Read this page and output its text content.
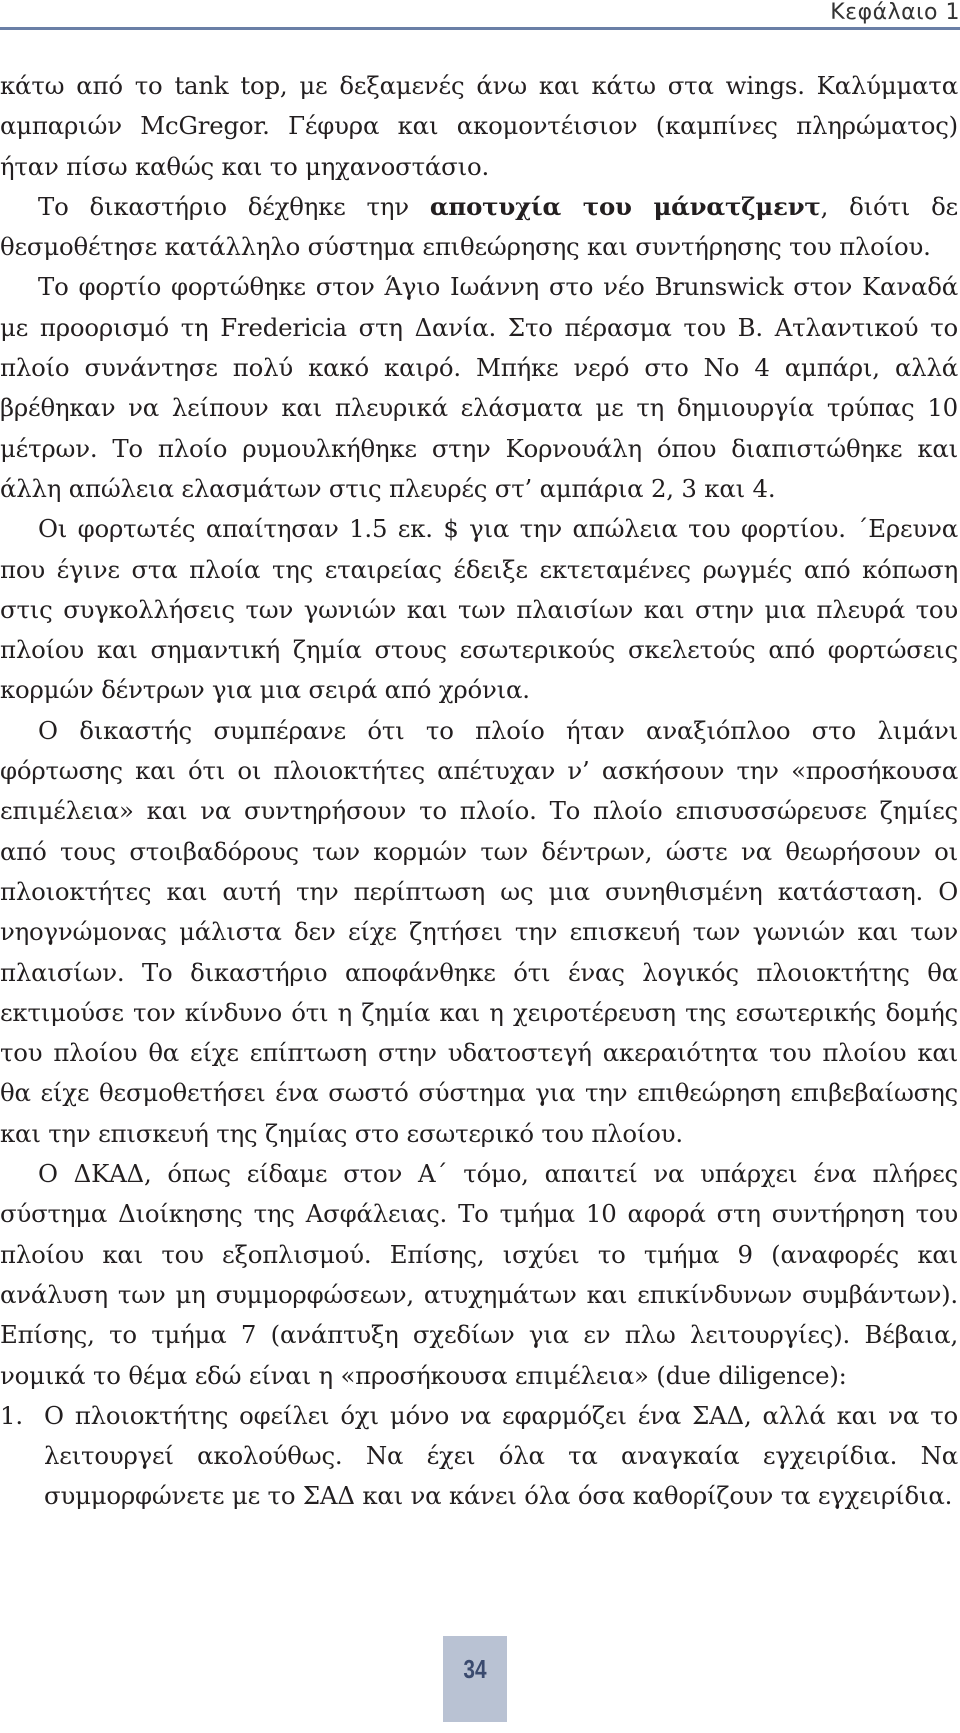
Κεφάλαιο 1

κάτω από το tank top, με δεξαμενές άνω και κάτω στα wings. Καλύμματα αμπαριών McGregor. Γέφυρα και ακομοντέισιον (καμπίνες πληρώματος) ήταν πίσω καθώς και το μηχανοστάσιο.

Το δικαστήριο δέχθηκε την αποτυχία του μάνατζμεντ, διότι δε θεσμοθέτησε κατάλληλο σύστημα επιθεώρησης και συντήρησης του πλοίου.

Το φορτίο φορτώθηκε στον Άγιο Ιωάννη στο νέο Brunswick στον Καναδά με προορισμό τη Fredericia στη Δανία. Στο πέρασμα του Β. Ατλαντικού το πλοίο συνάντησε πολύ κακό καιρό. Μπήκε νερό στο Νο 4 αμπάρι, αλλά βρέθηκαν να λείπουν και πλευρικά ελάσματα με τη δημιουργία τρύπας 10 μέτρων. Το πλοίο ρυμουλκήθηκε στην Κορνουάλη όπου διαπιστώθηκε και άλλη απώλεια ελασμάτων στις πλευρές στ’ αμπάρια 2, 3 και 4.

Οι φορτωτές απαίτησαν 1.5 εκ. $ για την απώλεια του φορτίου. ΄Ερευνα που έγινε στα πλοία της εταιρείας έδειξε εκτεταμένες ρωγμές από κόπωση στις συγκολλήσεις των γωνιών και των πλαισίων και στην μια πλευρά του πλοίου και σημαντική ζημία στους εσωτερικούς σκελετούς από φορτώσεις κορμών δέντρων για μια σειρά από χρόνια.

Ο δικαστής συμπέρανε ότι το πλοίο ήταν αναξιόπλοο στο λιμάνι φόρτωσης και ότι οι πλοιοκτήτες απέτυχαν ν’ ασκήσουν την «προσήκουσα επιμέλεια» και να συντηρήσουν το πλοίο. Το πλοίο επισυσσώρευσε ζημίες από τους στοιβαδόρους των κορμών των δέντρων, ώστε να θεωρήσουν οι πλοιοκτήτες και αυτή την περίπτωση ως μια συνηθισμένη κατάσταση. Ο νηογνώμονας μάλιστα δεν είχε ζητήσει την επισκευή των γωνιών και των πλαισίων. Το δικαστήριο αποφάνθηκε ότι ένας λογικός πλοιοκτήτης θα εκτιμούσε τον κίνδυνο ότι η ζημία και η χειροτέρευση της εσωτερικής δομής του πλοίου θα είχε επίπτωση στην υδατοστεγή ακεραιότητα του πλοίου και θα είχε θεσμοθετήσει ένα σωστό σύστημα για την επιθεώρηση επιβεβαίωσης και την επισκευή της ζημίας στο εσωτερικό του πλοίου.

Ο ΔΚΑΔ, όπως είδαμε στον Α΄ τόμο, απαιτεί να υπάρχει ένα πλήρες σύστημα Διοίκησης της Ασφάλειας. Το τμήμα 10 αφορά στη συντήρηση του πλοίου και του εξοπλισμού. Επίσης, ισχύει το τμήμα 9 (αναφορές και ανάλυση των μη συμμορφώσεων, ατυχημάτων και επικίνδυνων συμβάντων). Επίσης, το τμήμα 7 (ανάπτυξη σχεδίων για εν πλω λειτουργίες). Βέβαια, νομικά το θέμα εδώ είναι η «προσήκουσα επιμέλεια» (due diligence):

1. Ο πλοιοκτήτης οφείλει όχι μόνο να εφαρμόζει ένα ΣΑΔ, αλλά και να το λειτουργεί ακολούθως. Να έχει όλα τα αναγκαία εγχειρίδια. Να συμμορφώνετε με το ΣΑΔ και να κάνει όλα όσα καθορίζουν τα εγχειρίδια.
34
